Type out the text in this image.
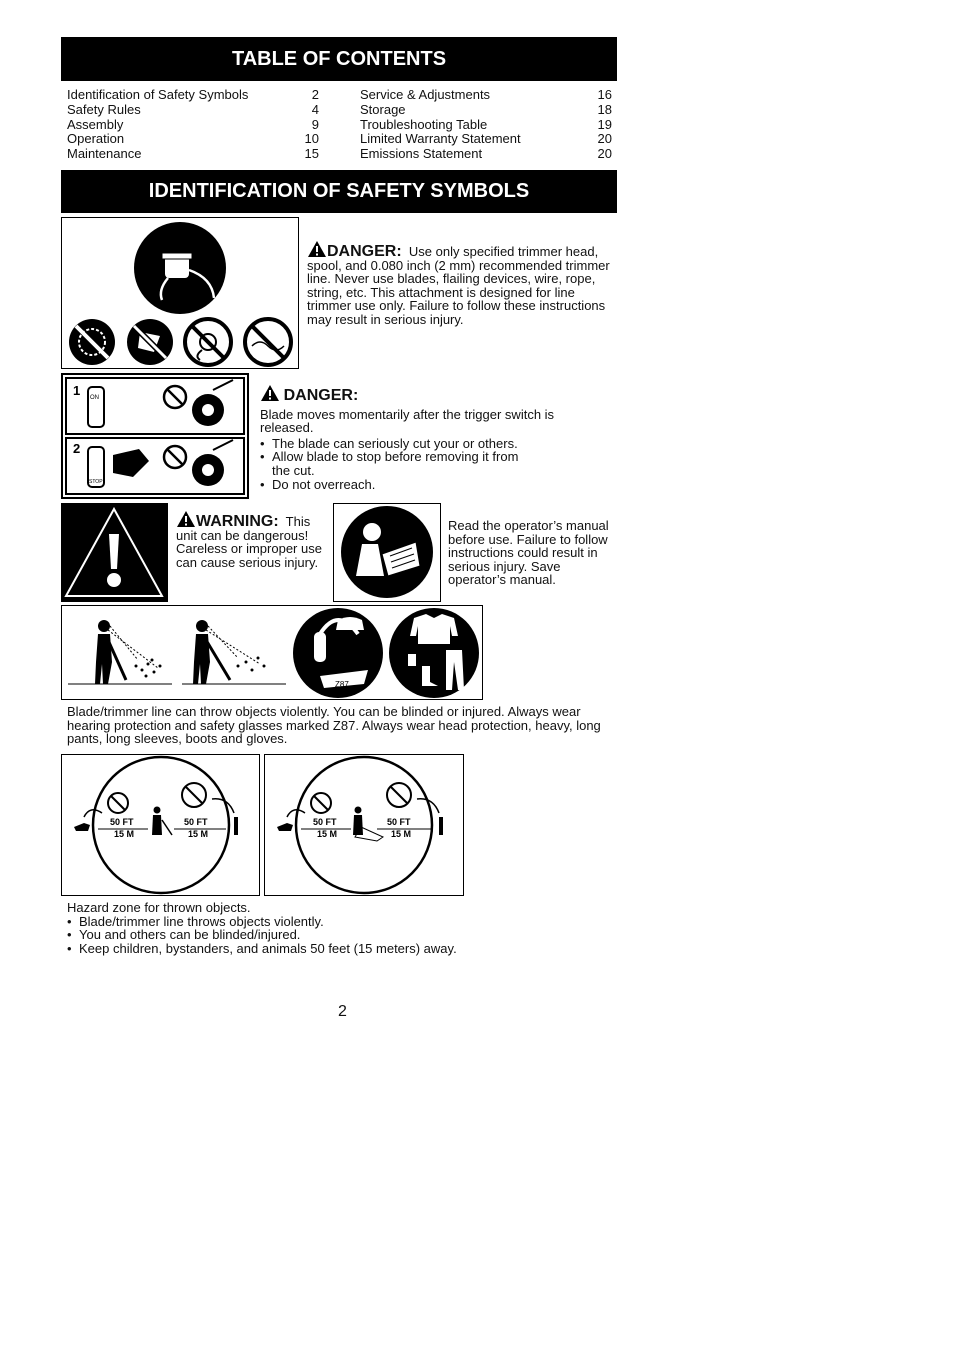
TABLE OF CONTENTS
Identification of Safety Symbols	2
Safety Rules	4
Assembly	9
Operation	10
Maintenance	15
Service & Adjustments	16
Storage	18
Troubleshooting Table	19
Limited Warranty Statement	20
Emissions Statement	20
IDENTIFICATION OF SAFETY SYMBOLS
DANGER: Use only specified trimmer head, spool, and 0.080 inch (2 mm) recommended trimmer line. Never use blades, flailing devices, wire, rope, string, etc. This attachment is designed for line trimmer use only. Failure to follow these instructions may result in serious injury.
1
2
ON
STOP
DANGER:
Blade moves momentarily after the trigger switch is released.
• The blade can seriously cut your or others.
• Allow blade to stop before removing it from the cut.
• Do not overreach.
WARNING: This unit can be dangerous! Careless or improper use can cause serious injury.
Read the operator’s manual before use. Failure to follow instructions could result in serious injury. Save operator’s manual.
Z87
Blade/trimmer line can throw objects violently. You can be blinded or injured. Always wear hearing protection and safety glasses marked Z87. Always wear head protection, heavy, long pants, long sleeves, boots and gloves.
50 FT
15 M
50 FT
15 M
50 FT
15 M
50 FT
15 M
Hazard zone for thrown objects.
• Blade/trimmer line throws objects violently.
• You and others can be blinded/injured.
• Keep children, bystanders, and animals 50 feet (15 meters) away.
2
